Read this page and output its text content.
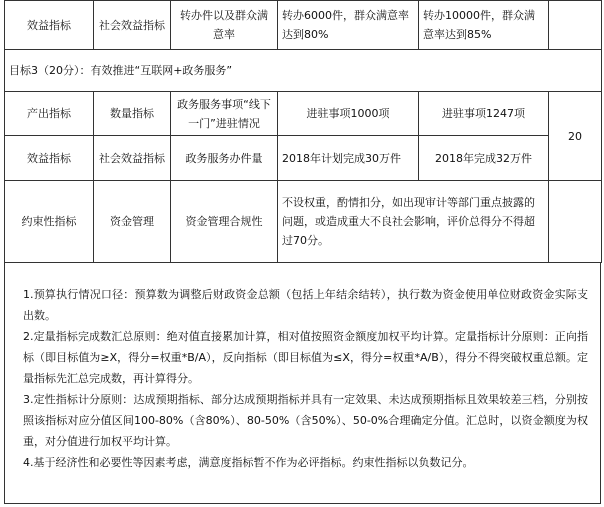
效益指标	社会效益指标	转办件以及群众满意率	转办6000件，群众满意率达到80%	转办10000件，群众满意率达到85%	
目标3（20分）：有效推进“互联网+政务服务”					
产出指标	数量指标	政务服务事项“线下一门”进驻情况	进驻事项1000项	进驻事项1247项	20
效益指标	社会效益指标	政务服务办件量	2018年计划完成30万件	2018年完成32万件	
约束性指标	资金管理	资金管理合规性	不设权重，酌情扣分，如出现审计等部门重点披露的问题，或造成重大不良社会影响，评价总得分不得超过70分。		

1.预算执行情况口径：预算数为调整后财政资金总额（包括上年结余结转），执行数为资金使用单位财政资金实际支出数。

2.定量指标完成数汇总原则：绝对值直接累加计算，相对值按照资金额度加权平均计算。定量指标计分原则：正向指标（即目标值为≥X，得分=权重*B/A），反向指标（即目标值为≤X，得分=权重*A/B），得分不得突破权重总额。定量指标先汇总完成数，再计算得分。

3.定性指标计分原则：达成预期指标、部分达成预期指标并具有一定效果、未达成预期指标且效果较差三档，分别按照该指标对应分值区间100-80%（含80%）、80-50%（含50%）、50-0%合理确定分值。汇总时，以资金额度为权重，对分值进行加权平均计算。

4.基于经济性和必要性等因素考虑，满意度指标暂不作为必评指标。约束性指标以负数记分。
